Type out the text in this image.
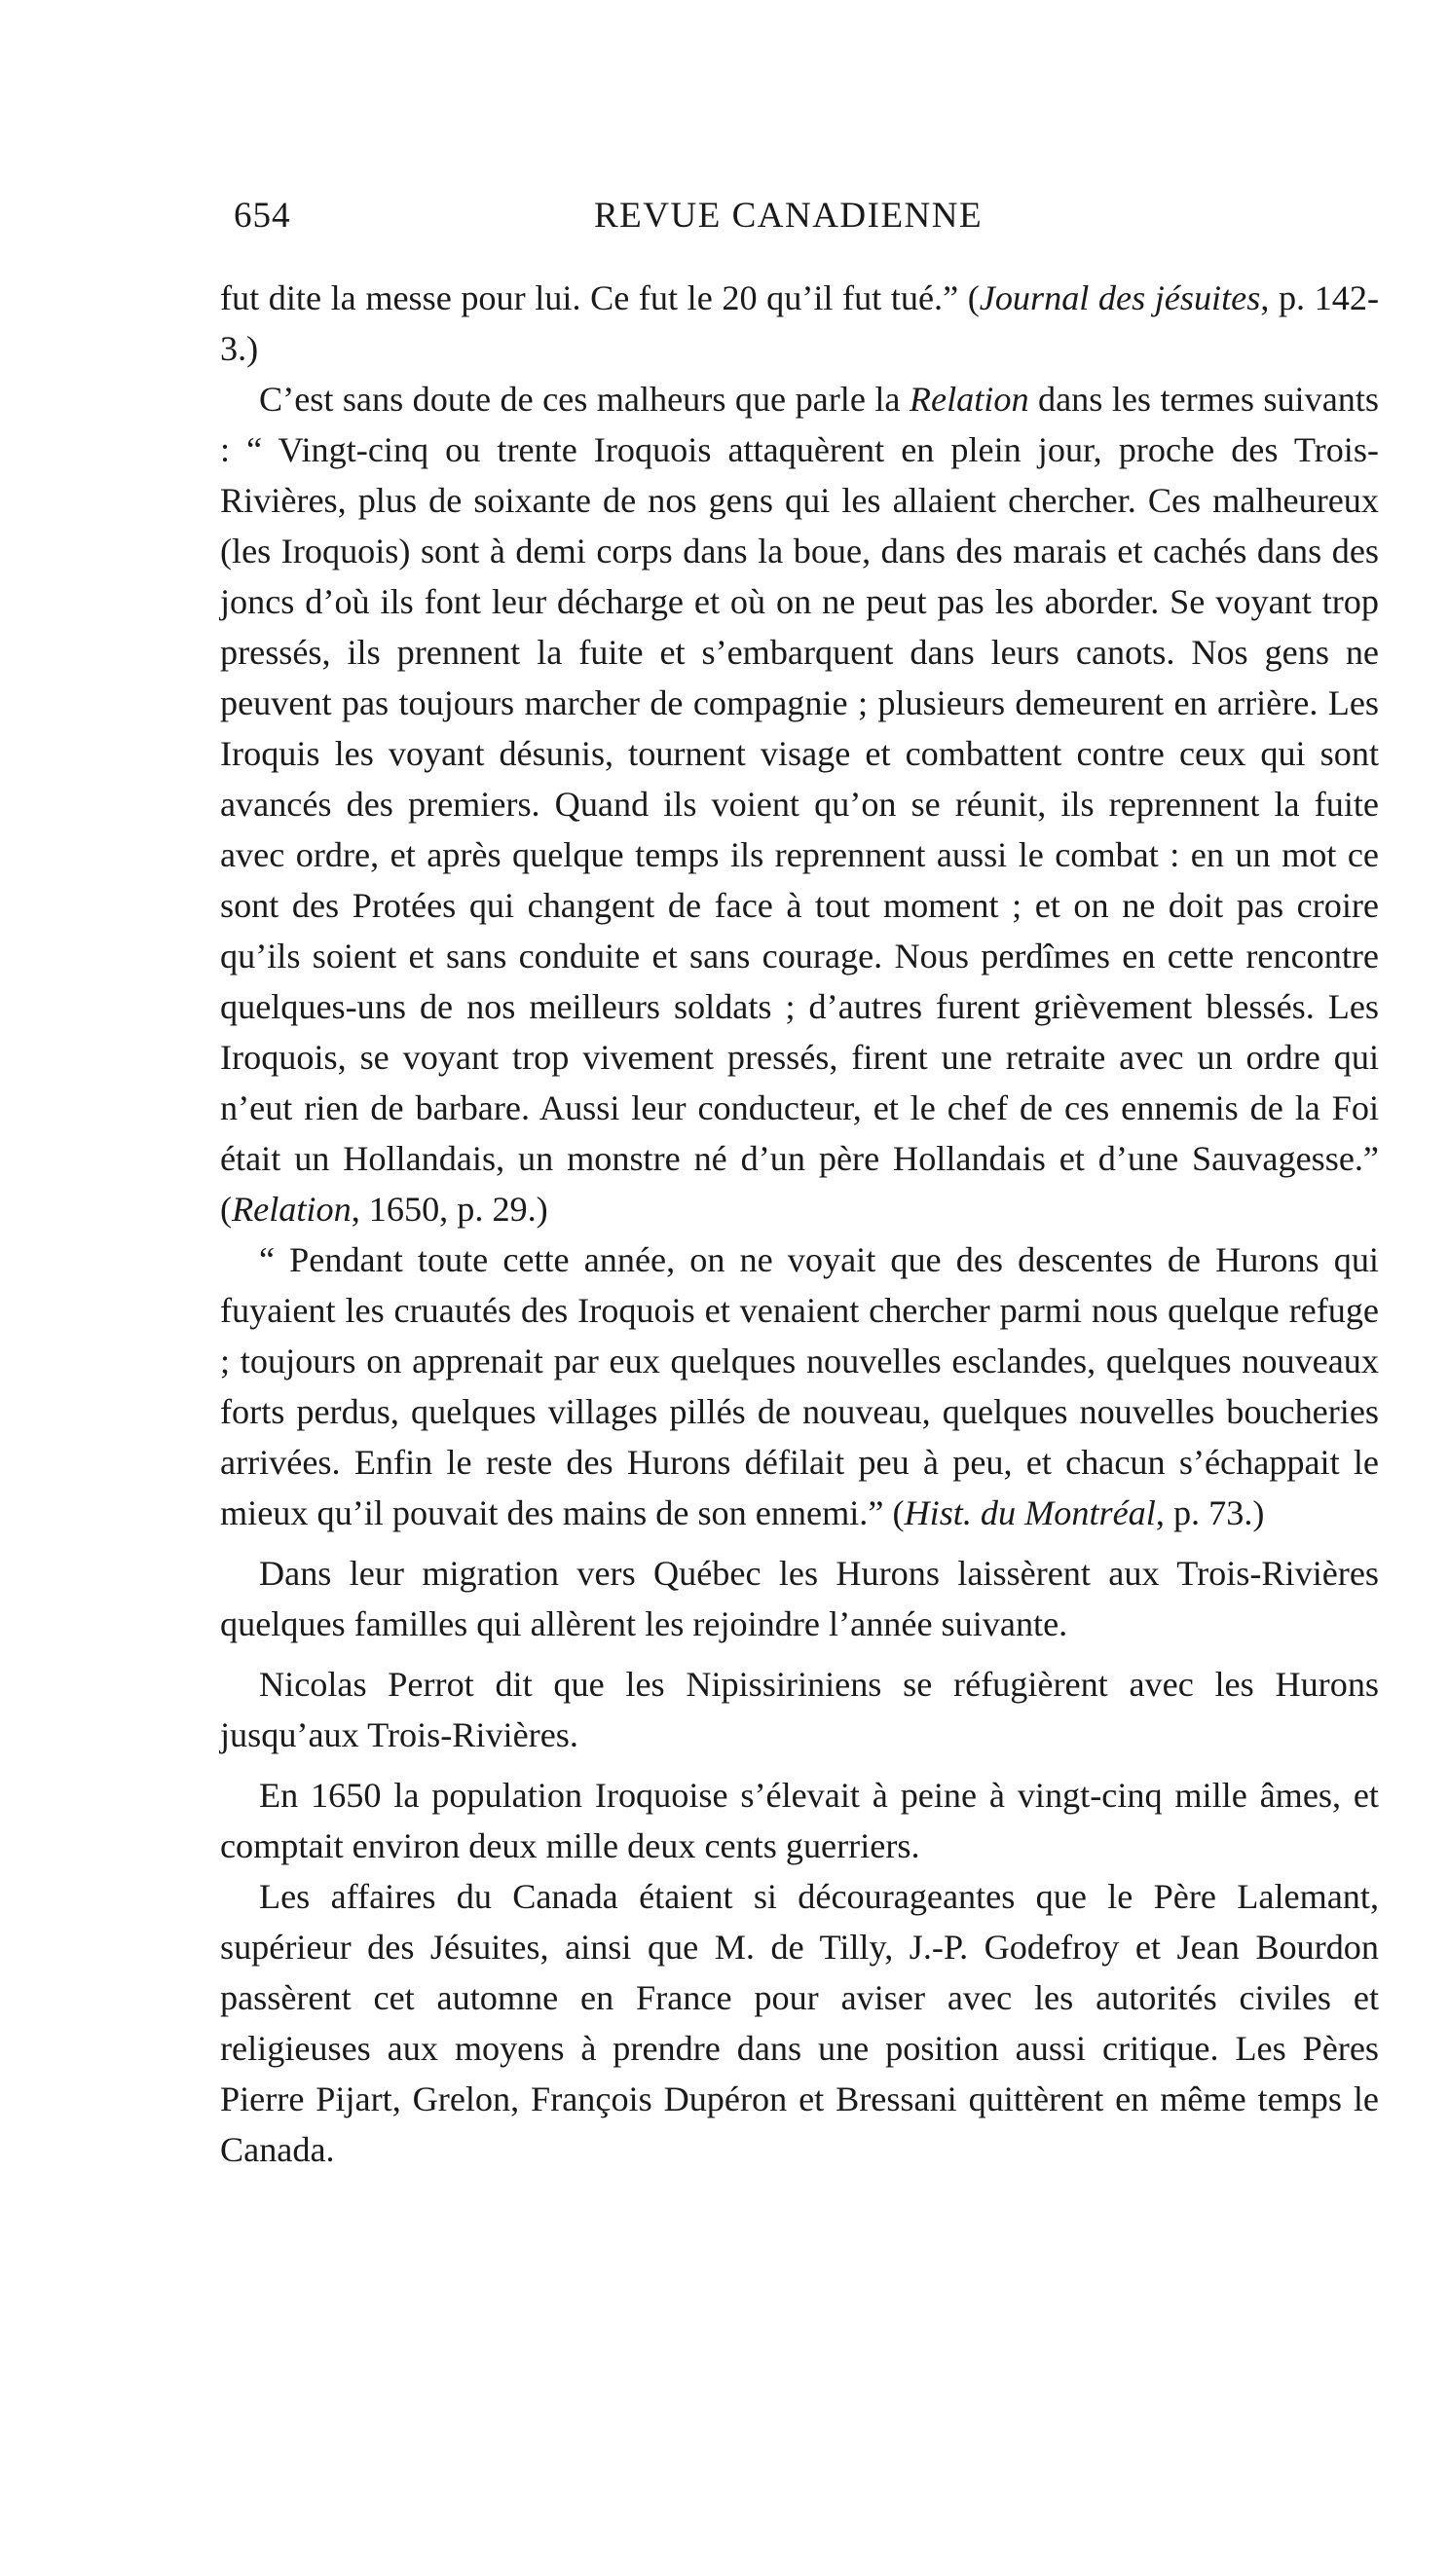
654	REVUE CANADIENNE

fut dite la messe pour lui. Ce fut le 20 qu’il fut tué.” (Journal des jésuites, p. 142-3.)

C’est sans doute de ces malheurs que parle la Relation dans les termes suivants : “ Vingt-cinq ou trente Iroquois attaquèrent en plein jour, proche des Trois-Rivières, plus de soixante de nos gens qui les allaient chercher. Ces malheureux (les Iroquois) sont à demi corps dans la boue, dans des marais et cachés dans des joncs d’où ils font leur décharge et où on ne peut pas les aborder. Se voyant trop pressés, ils prennent la fuite et s’embarquent dans leurs canots. Nos gens ne peuvent pas toujours marcher de compagnie ; plusieurs demeurent en arrière. Les Iroquis les voyant désunis, tournent visage et combattent contre ceux qui sont avancés des premiers. Quand ils voient qu’on se réunit, ils reprennent la fuite avec ordre, et après quelque temps ils reprennent aussi le combat : en un mot ce sont des Protées qui changent de face à tout moment ; et on ne doit pas croire qu’ils soient et sans conduite et sans courage. Nous perdîmes en cette rencontre quelques-uns de nos meilleurs soldats ; d’autres furent grièvement blessés. Les Iroquois, se voyant trop vivement pressés, firent une retraite avec un ordre qui n’eut rien de barbare. Aussi leur conducteur, et le chef de ces ennemis de la Foi était un Hollandais, un monstre né d’un père Hollandais et d’une Sauvagesse.” (Relation, 1650, p. 29.)

“ Pendant toute cette année, on ne voyait que des descentes de Hurons qui fuyaient les cruautés des Iroquois et venaient chercher parmi nous quelque refuge ; toujours on apprenait par eux quelques nouvelles esclandes, quelques nouveaux forts perdus, quelques villages pillés de nouveau, quelques nouvelles boucheries arrivées. Enfin le reste des Hurons défilait peu à peu, et chacun s’échappait le mieux qu’il pouvait des mains de son ennemi.” (Hist. du Montréal, p. 73.)

Dans leur migration vers Québec les Hurons laissèrent aux Trois-Rivières quelques familles qui allèrent les rejoindre l’année suivante.

Nicolas Perrot dit que les Nipissiriniens se réfugièrent avec les Hurons jusqu’aux Trois-Rivières.

En 1650 la population Iroquoise s’élevait à peine à vingt-cinq mille âmes, et comptait environ deux mille deux cents guerriers.

Les affaires du Canada étaient si décourageantes que le Père Lalemant, supérieur des Jésuites, ainsi que M. de Tilly, J.-P. Godefroy et Jean Bourdon passèrent cet automne en France pour aviser avec les autorités civiles et religieuses aux moyens à prendre dans une position aussi critique. Les Pères Pierre Pijart, Grelon, François Dupéron et Bressani quittèrent en même temps le Canada.
